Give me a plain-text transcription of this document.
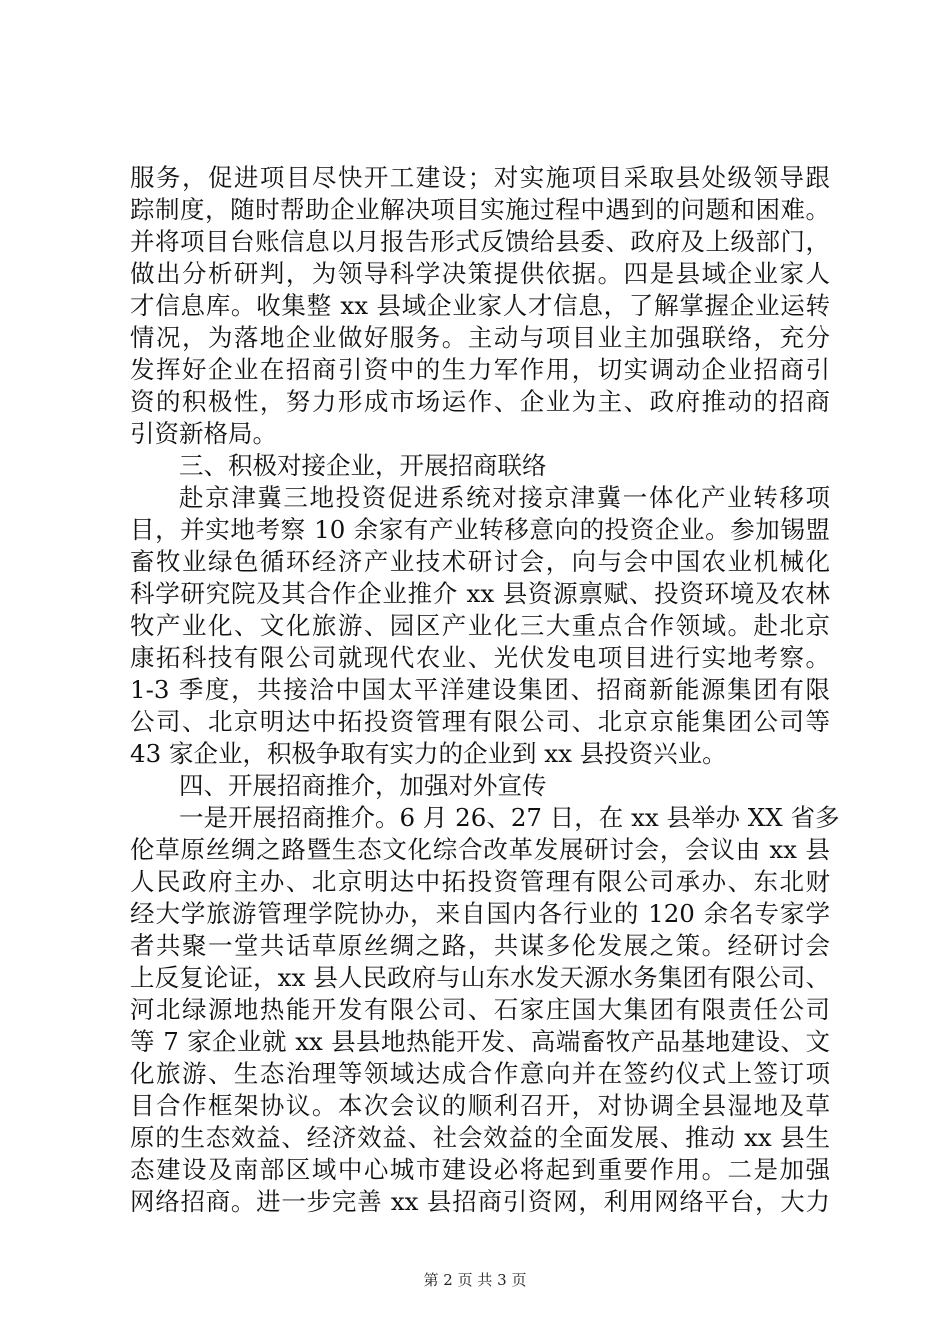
服务，促进项目尽快开工建设；对实施项目采取县处级领导跟
踪制度，随时帮助企业解决项目实施过程中遇到的问题和困难。
并将项目台账信息以月报告形式反馈给县委、政府及上级部门，
做出分析研判，为领导科学决策提供依据。四是县域企业家人
才信息库。收集整 xx 县域企业家人才信息，了解掌握企业运转
情况，为落地企业做好服务。主动与项目业主加强联络，充分
发挥好企业在招商引资中的生力军作用，切实调动企业招商引
资的积极性，努力形成市场运作、企业为主、政府推动的招商
引资新格局。
三、积极对接企业，开展招商联络
赴京津冀三地投资促进系统对接京津冀一体化产业转移项
目，并实地考察 10 余家有产业转移意向的投资企业。参加锡盟
畜牧业绿色循环经济产业技术研讨会，向与会中国农业机械化
科学研究院及其合作企业推介 xx 县资源禀赋、投资环境及农林
牧产业化、文化旅游、园区产业化三大重点合作领域。赴北京
康拓科技有限公司就现代农业、光伏发电项目进行实地考察。
1-3 季度，共接洽中国太平洋建设集团、招商新能源集团有限
公司、北京明达中拓投资管理有限公司、北京京能集团公司等
43 家企业，积极争取有实力的企业到 xx 县投资兴业。
四、开展招商推介，加强对外宣传
一是开展招商推介。6 月 26、27 日，在 xx 县举办 XX 省多
伦草原丝绸之路暨生态文化综合改革发展研讨会，会议由 xx 县
人民政府主办、北京明达中拓投资管理有限公司承办、东北财
经大学旅游管理学院协办，来自国内各行业的 120 余名专家学
者共聚一堂共话草原丝绸之路，共谋多伦发展之策。经研讨会
上反复论证，xx 县人民政府与山东水发天源水务集团有限公司、
河北绿源地热能开发有限公司、石家庄国大集团有限责任公司
等 7 家企业就 xx 县县地热能开发、高端畜牧产品基地建设、文
化旅游、生态治理等领域达成合作意向并在签约仪式上签订项
目合作框架协议。本次会议的顺利召开，对协调全县湿地及草
原的生态效益、经济效益、社会效益的全面发展、推动 xx 县生
态建设及南部区域中心城市建设必将起到重要作用。二是加强
网络招商。进一步完善 xx 县招商引资网，利用网络平台，大力
第 2 页 共 3 页
